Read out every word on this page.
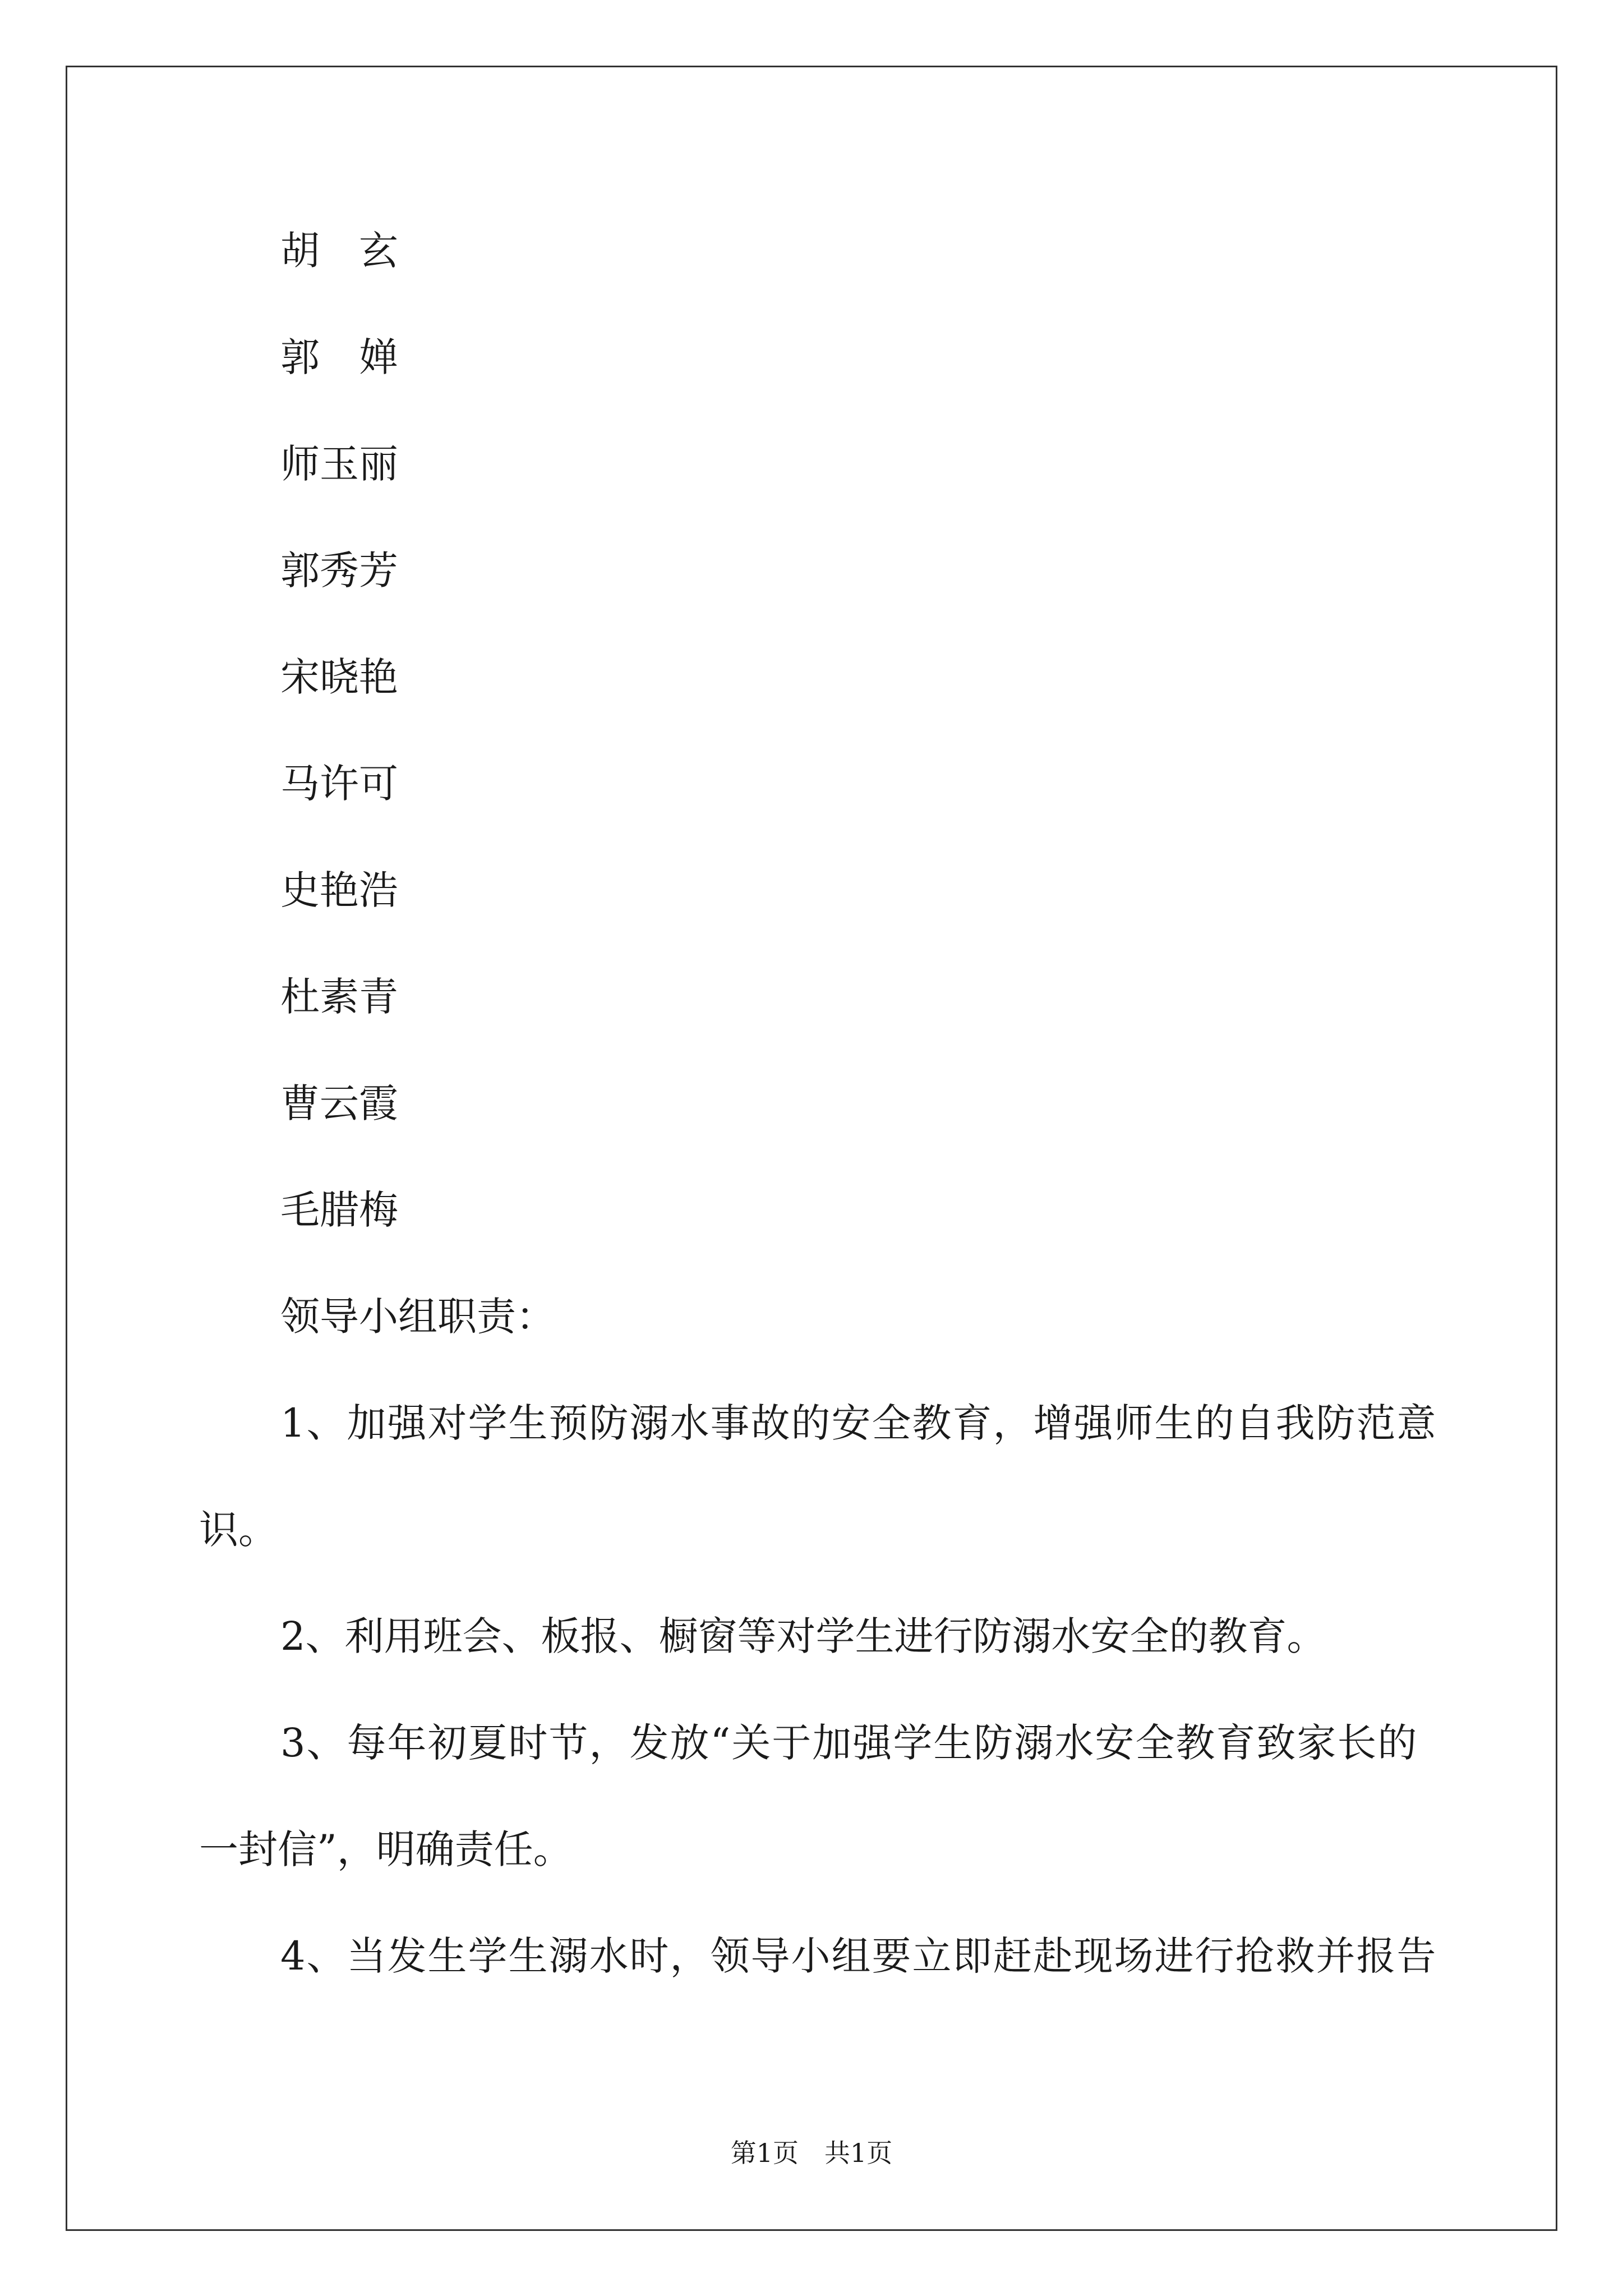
胡　玄
郭　婵
师玉丽
郭秀芳
宋晓艳
马许可
史艳浩
杜素青
曹云霞
毛腊梅
领导小组职责：
1、加强对学生预防溺水事故的安全教育，增强师生的自我防范意
识。
2、利用班会、板报、橱窗等对学生进行防溺水安全的教育。
3、每年初夏时节，发放“关于加强学生防溺水安全教育致家长的
一封信”，明确责任。
4、当发生学生溺水时，领导小组要立即赶赴现场进行抢救并报告
第1页　共1页
